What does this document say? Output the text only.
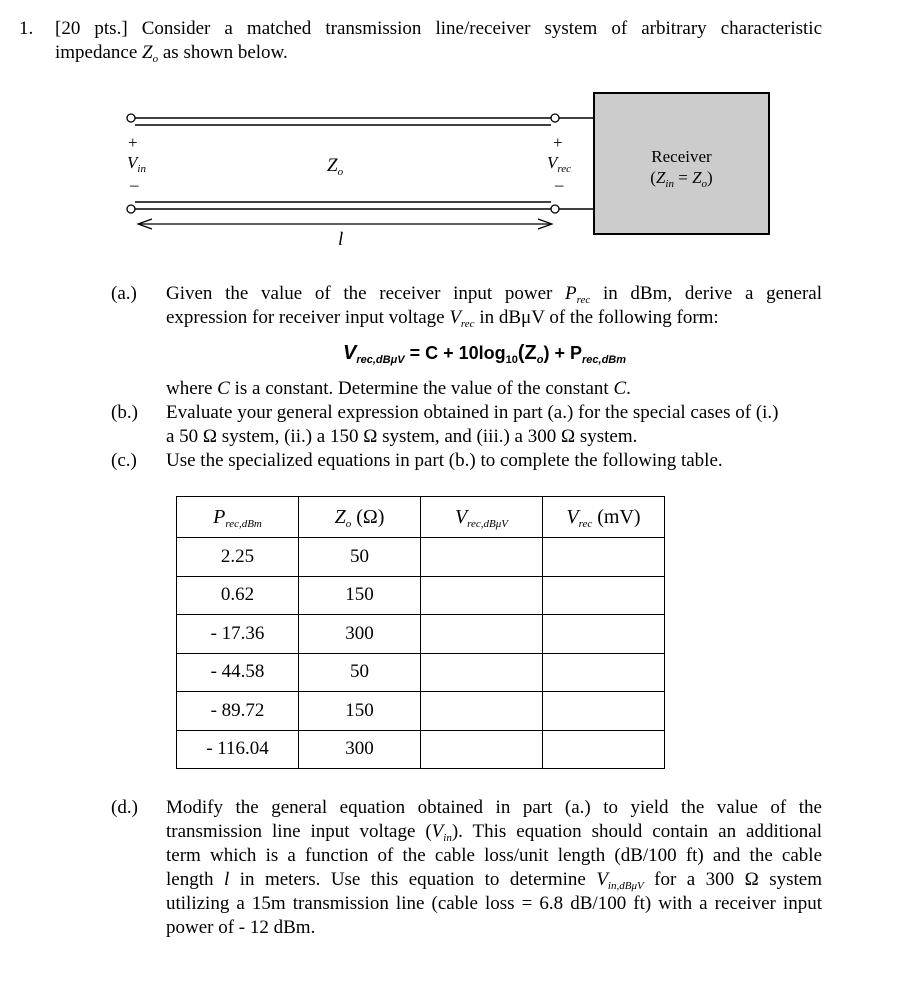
1. [20 pts.] Consider a matched transmission line/receiver system of arbitrary characteristic
impedance $Z_o$ as shown below.
+
$V_{in}$
–
$Z_o$
+
$V_{rec}$
–
l
Receiver
$(Z_{in} = Z_o)$
(a.) Given the value of the receiver input power $P_{rec}$ in dBm, derive a general
expression for receiver input voltage $V_{rec}$ in dBμV of the following form:
$V_{rec,dB\mu V} = C + 10\log_{10}(Z_o) + P_{rec,dBm}$
where C is a constant. Determine the value of the constant C.
(b.) Evaluate your general expression obtained in part (a.) for the special cases of (i.)
a 50 Ω system, (ii.) a 150 Ω system, and (iii.) a 300 Ω system.
(c.) Use the specialized equations in part (b.) to complete the following table.
$P_{rec,dBm}$	$Z_o$ (Ω)	$V_{rec,dB\mu V}$	$V_{rec}$ (mV)
2.25	50		
0.62	150		
- 17.36	300		
- 44.58	50		
- 89.72	150		
- 116.04	300		
(d.) Modify the general equation obtained in part (a.) to yield the value of the
transmission line input voltage $(V_{in})$. This equation should contain an additional
term which is a function of the cable loss/unit length (dB/100 ft) and the cable
length l in meters. Use this equation to determine $V_{in,dB\mu V}$ for a 300 Ω system
utilizing a 15m transmission line (cable loss = 6.8 dB/100 ft) with a receiver input
power of - 12 dBm.
